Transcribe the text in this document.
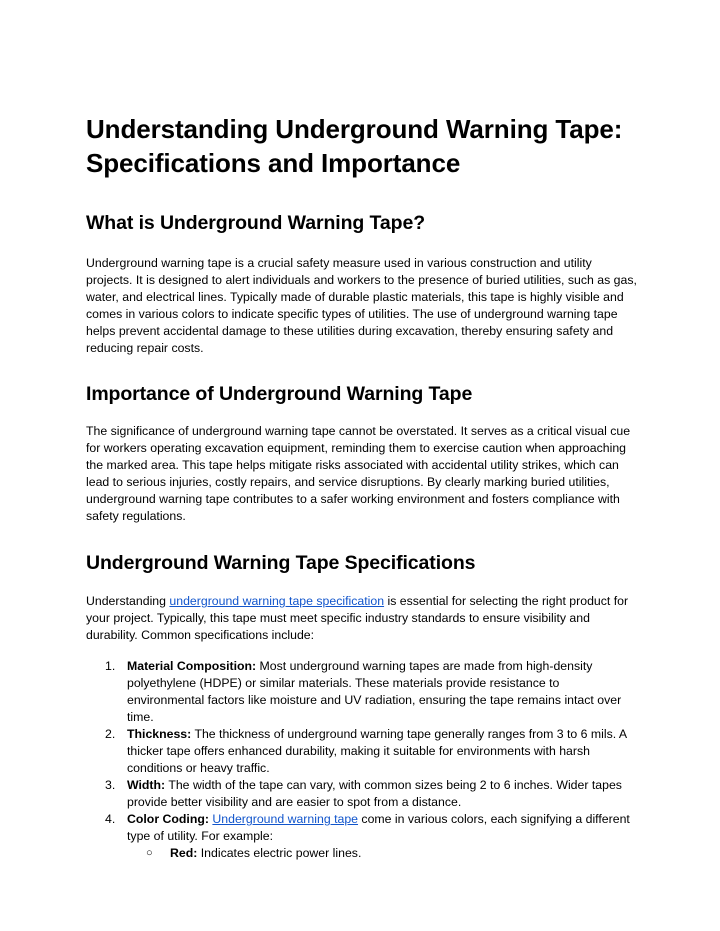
Understanding Underground Warning Tape: Specifications and Importance
What is Underground Warning Tape?

Underground warning tape is a crucial safety measure used in various construction and utility projects. It is designed to alert individuals and workers to the presence of buried utilities, such as gas, water, and electrical lines. Typically made of durable plastic materials, this tape is highly visible and comes in various colors to indicate specific types of utilities. The use of underground warning tape helps prevent accidental damage to these utilities during excavation, thereby ensuring safety and reducing repair costs.

Importance of Underground Warning Tape

The significance of underground warning tape cannot be overstated. It serves as a critical visual cue for workers operating excavation equipment, reminding them to exercise caution when approaching the marked area. This tape helps mitigate risks associated with accidental utility strikes, which can lead to serious injuries, costly repairs, and service disruptions. By clearly marking buried utilities, underground warning tape contributes to a safer working environment and fosters compliance with safety regulations.

Underground Warning Tape Specifications

Understanding underground warning tape specification is essential for selecting the right product for your project. Typically, this tape must meet specific industry standards to ensure visibility and durability. Common specifications include:

1. Material Composition: Most underground warning tapes are made from high-density polyethylene (HDPE) or similar materials. These materials provide resistance to environmental factors like moisture and UV radiation, ensuring the tape remains intact over time.
2. Thickness: The thickness of underground warning tape generally ranges from 3 to 6 mils. A thicker tape offers enhanced durability, making it suitable for environments with harsh conditions or heavy traffic.
3. Width: The width of the tape can vary, with common sizes being 2 to 6 inches. Wider tapes provide better visibility and are easier to spot from a distance.
4. Color Coding: Underground warning tape come in various colors, each signifying a different type of utility. For example:
○ Red: Indicates electric power lines.
